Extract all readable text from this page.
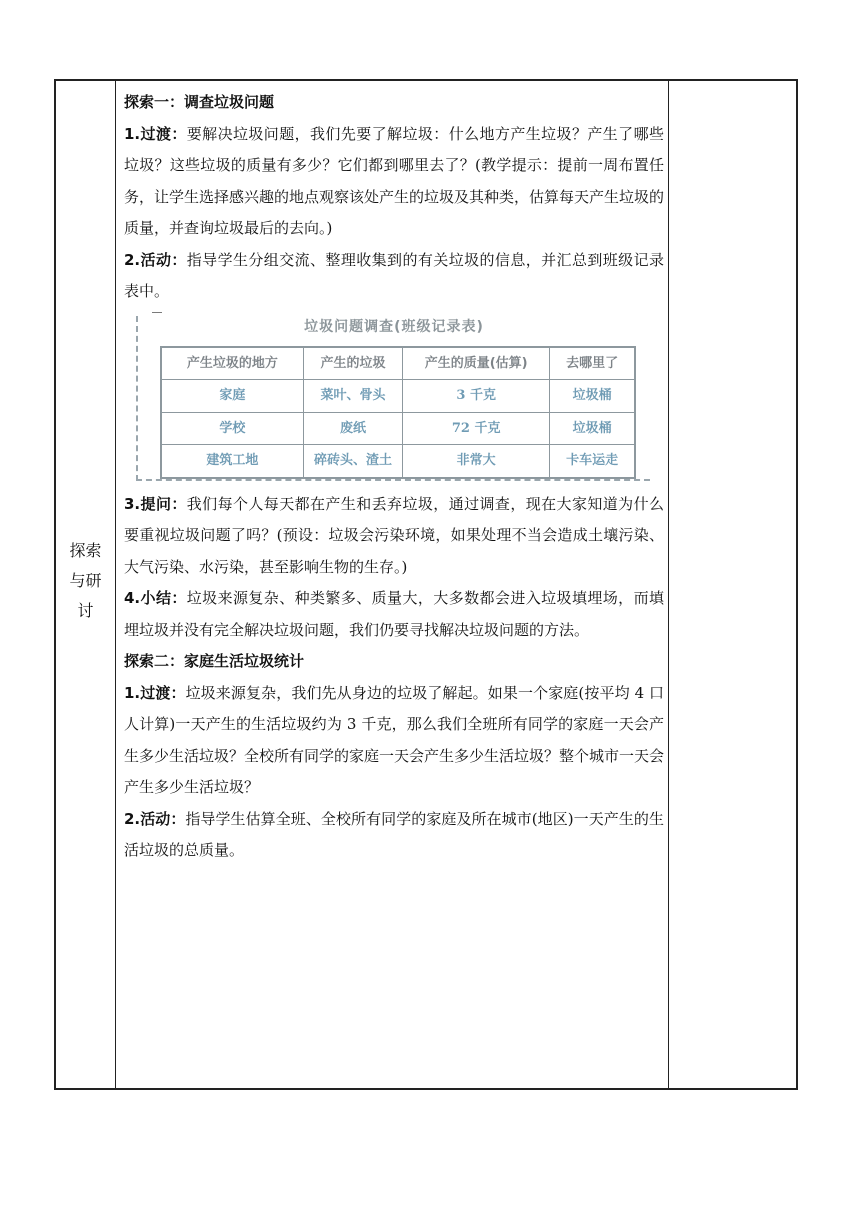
探索
与研
讨

探索一：调查垃圾问题

1.过渡：要解决垃圾问题，我们先要了解垃圾：什么地方产生垃圾？产生了哪些垃圾？这些垃圾的质量有多少？它们都到哪里去了？(教学提示：提前一周布置任务，让学生选择感兴趣的地点观察该处产生的垃圾及其种类，估算每天产生垃圾的质量，并查询垃圾最后的去向。)

2.活动：指导学生分组交流、整理收集到的有关垃圾的信息，并汇总到班级记录表中。

垃圾问题调查(班级记录表)
产生垃圾的地方	产生的垃圾	产生的质量(估算)	去哪里了
家庭	菜叶、骨头	3 千克	垃圾桶
学校	废纸	72 千克	垃圾桶
建筑工地	碎砖头、渣土	非常大	卡车运走

3.提问：我们每个人每天都在产生和丢弃垃圾，通过调查，现在大家知道为什么要重视垃圾问题了吗？(预设：垃圾会污染环境，如果处理不当会造成土壤污染、大气污染、水污染，甚至影响生物的生存。)

4.小结：垃圾来源复杂、种类繁多、质量大，大多数都会进入垃圾填埋场，而填埋垃圾并没有完全解决垃圾问题，我们仍要寻找解决垃圾问题的方法。

探索二：家庭生活垃圾统计

1.过渡：垃圾来源复杂，我们先从身边的垃圾了解起。如果一个家庭(按平均 4 口人计算)一天产生的生活垃圾约为 3 千克，那么我们全班所有同学的家庭一天会产生多少生活垃圾？全校所有同学的家庭一天会产生多少生活垃圾？整个城市一天会产生多少生活垃圾？

2.活动：指导学生估算全班、全校所有同学的家庭及所在城市(地区)一天产生的生活垃圾的总质量。
